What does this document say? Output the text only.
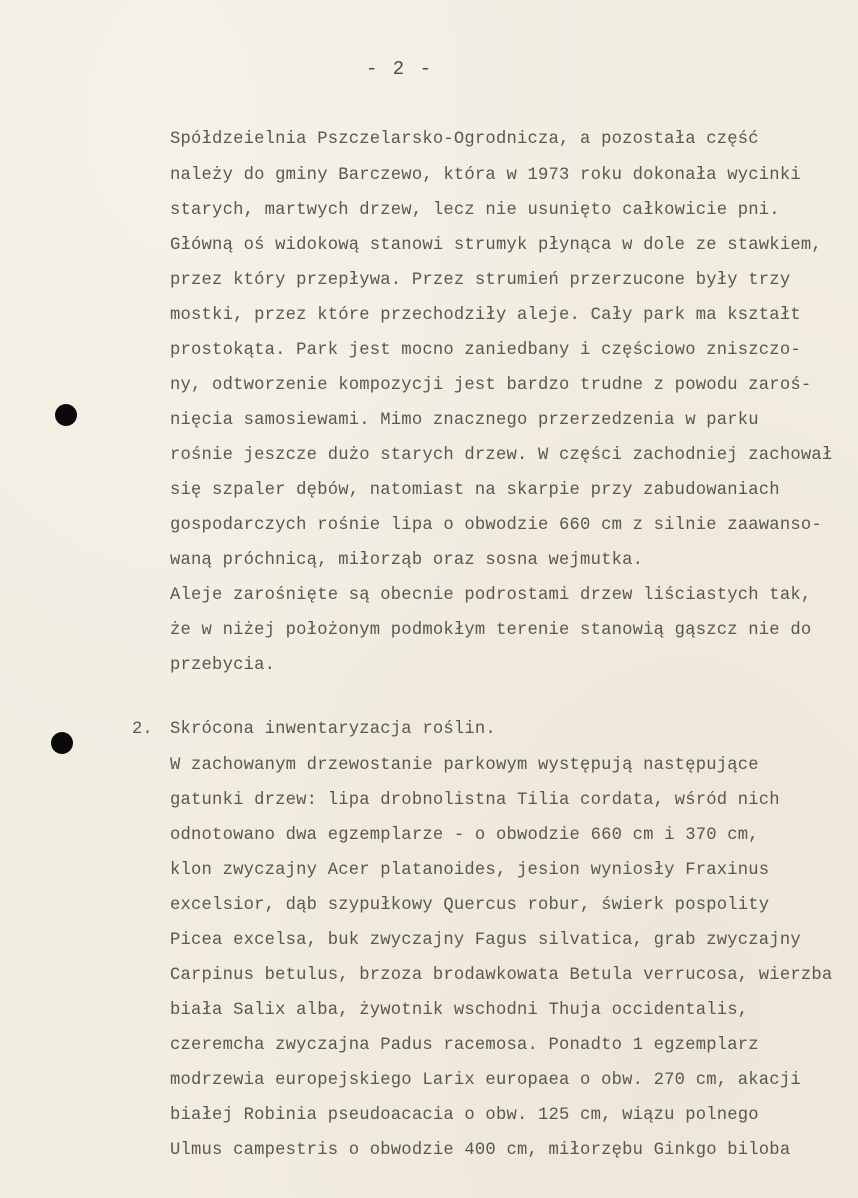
- 2 -
Spółdzeielnia Pszczelarsko-Ogrodnicza, a pozostała część
należy do gminy Barczewo, która w 1973 roku dokonała wycinki
starych, martwych drzew, lecz nie usunięto całkowicie pni.
Główną oś widokową stanowi strumyk płynąca w dole ze stawkiem,
przez który przepływa. Przez strumień przerzucone były trzy
mostki, przez które przechodziły aleje. Cały park ma kształt
prostokąta. Park jest mocno zaniedbany i częściowo zniszczo-
ny, odtworzenie kompozycji jest bardzo trudne z powodu zaroś-
nięcia samosiewami. Mimo znacznego przerzedzenia w parku
rośnie jeszcze dużo starych drzew. W części zachodniej zachował
się szpaler dębów, natomiast na skarpie przy zabudowaniach
gospodarczych rośnie lipa o obwodzie 660 cm z silnie zaawanso-
waną próchnicą, miłorząb oraz sosna wejmutka.
Aleje zarośnięte są obecnie podrostami drzew liściastych tak,
że w niżej położonym podmokłym terenie stanowią gąszcz nie do
przebycia.
2. Skrócona inwentaryzacja roślin.
W zachowanym drzewostanie parkowym występują następujące
gatunki drzew: lipa drobnolistna Tilia cordata, wśród nich
odnotowano dwa egzemplarze - o obwodzie 660 cm i 370 cm,
klon zwyczajny Acer platanoides, jesion wyniosły Fraxinus
excelsior, dąb szypułkowy Quercus robur, świerk pospolity
Picea excelsa, buk zwyczajny Fagus silvatica, grab zwyczajny
Carpinus betulus, brzoza brodawkowata Betula verrucosa, wierzba
biała Salix alba, żywotnik wschodni Thuja occidentalis,
czeremcha zwyczajna Padus racemosa. Ponadto 1 egzemplarz
modrzewia europejskiego Larix europaea o obw. 270 cm, akacji
białej Robinia pseudoacacia o obw. 125 cm, wiązu polnego
Ulmus campestris o obwodzie 400 cm, miłorzębu Ginkgo biloba
